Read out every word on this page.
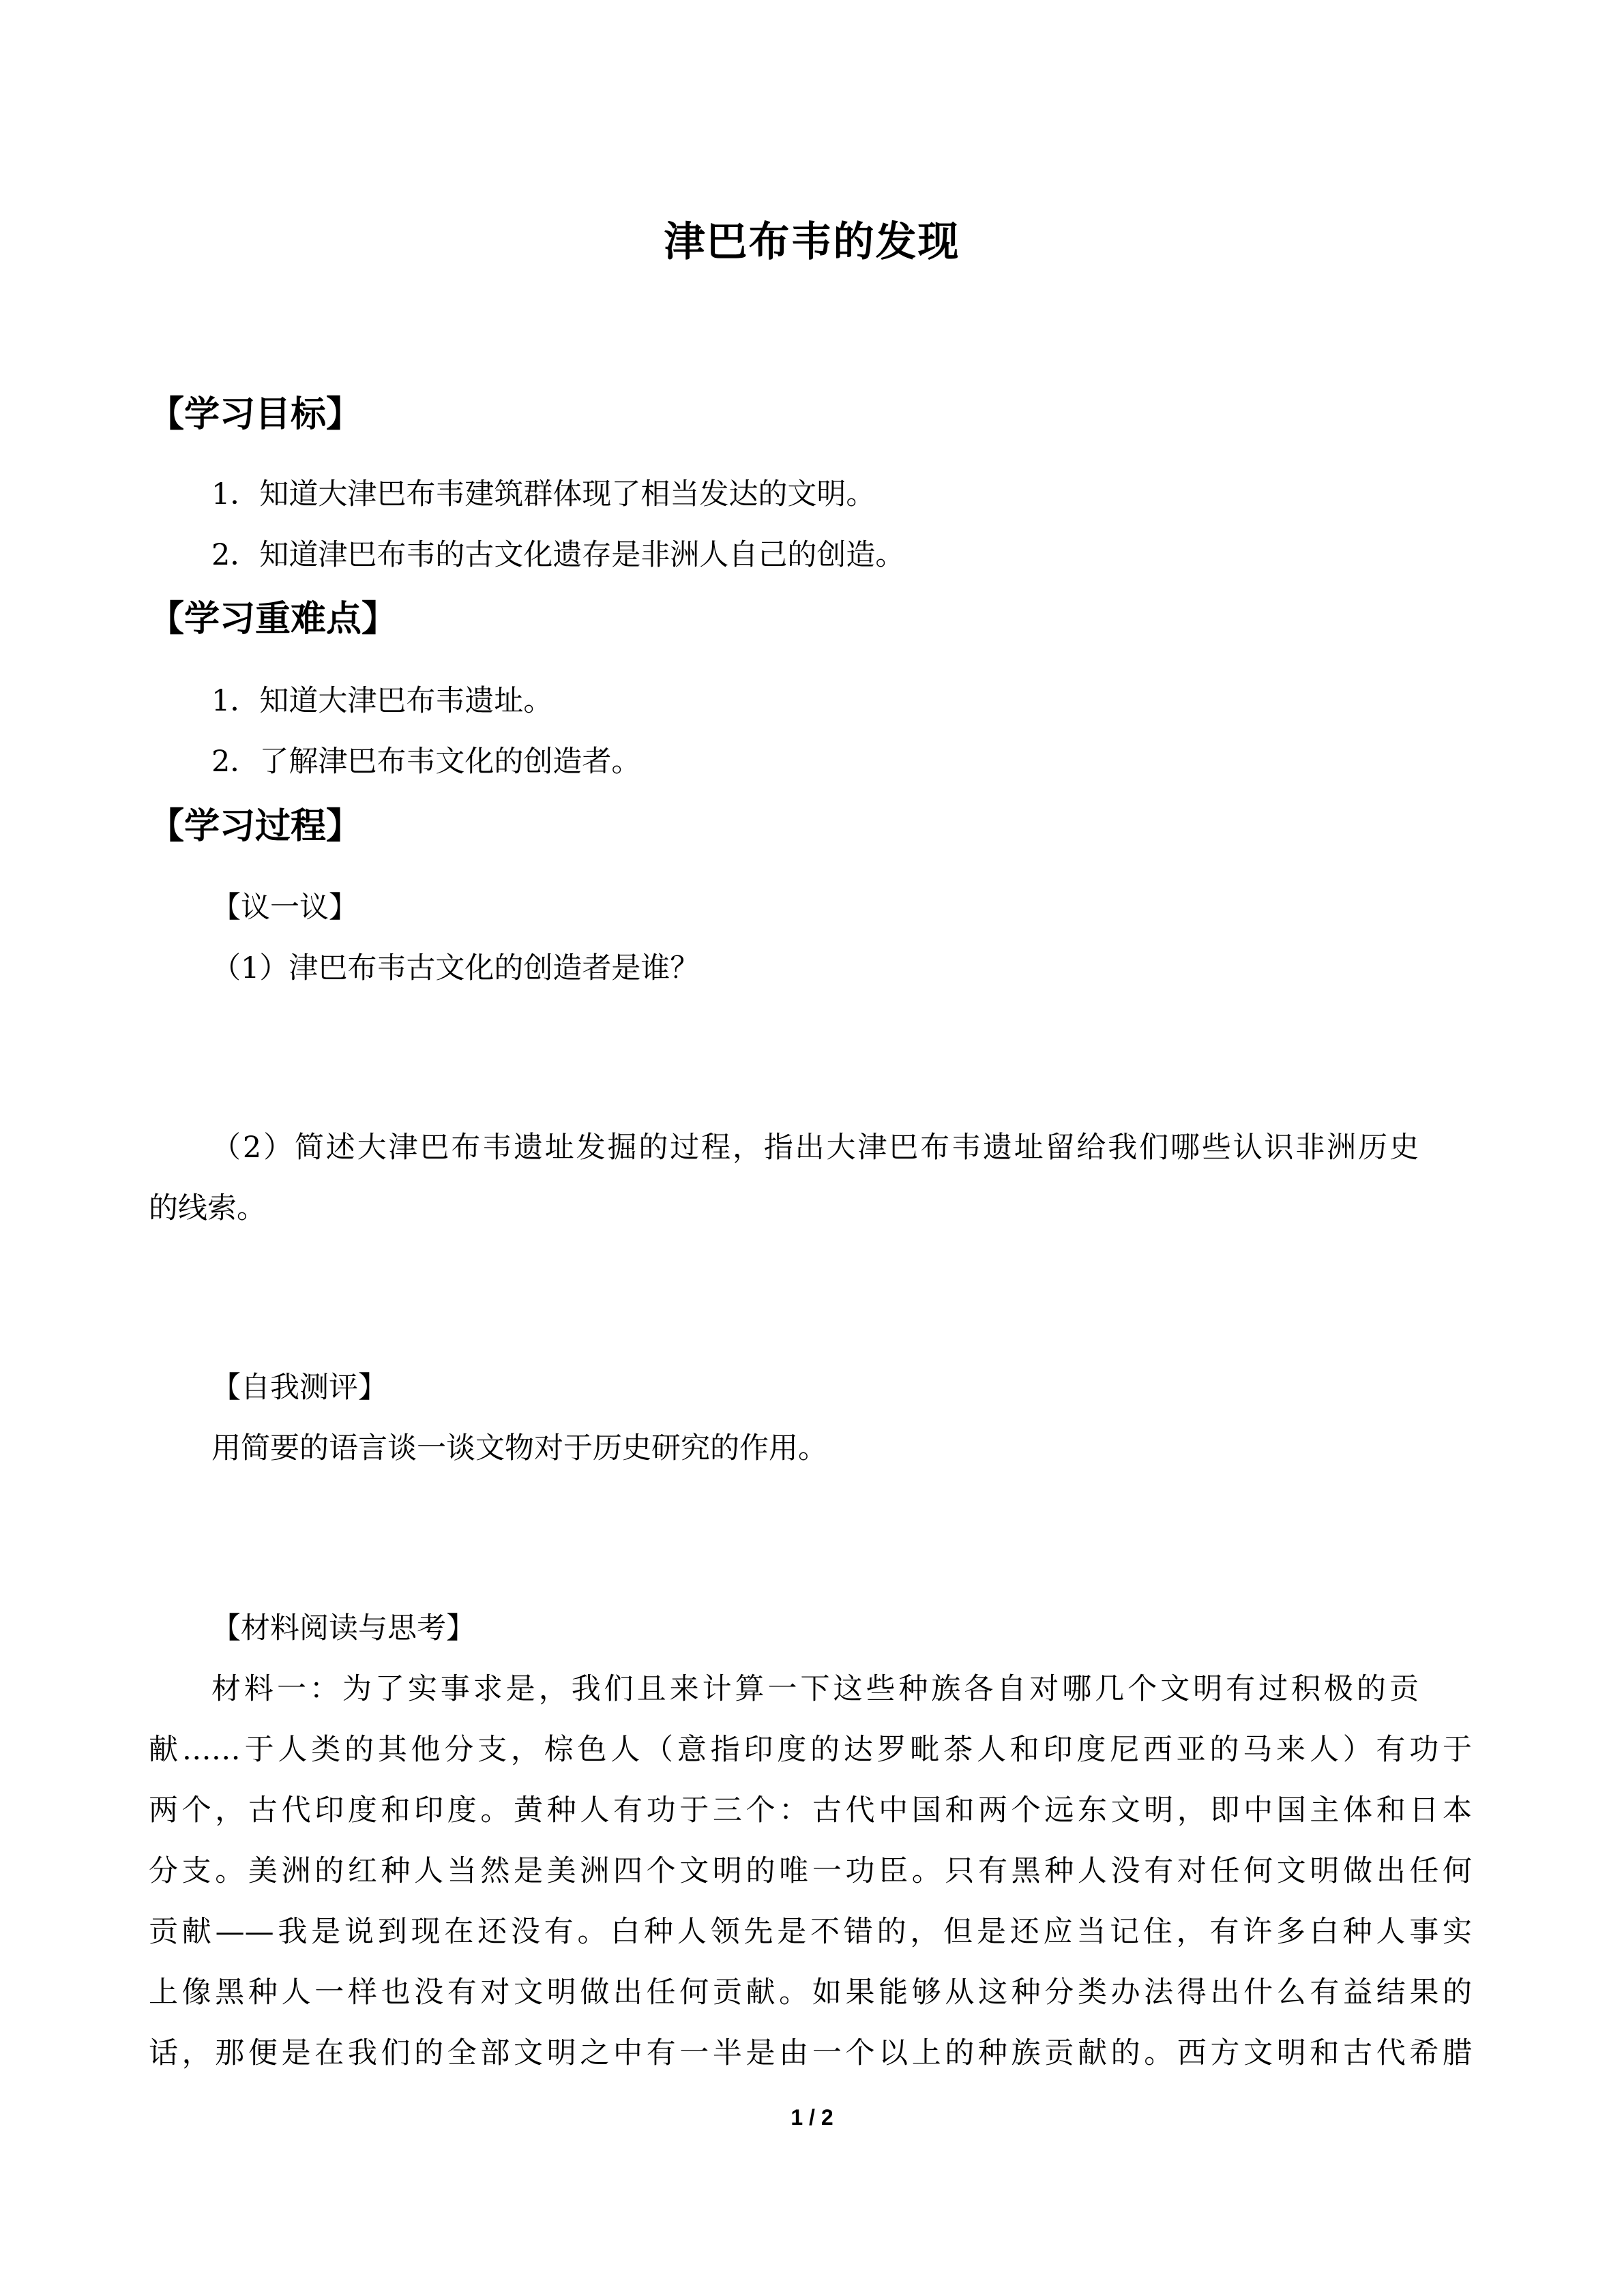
津巴布韦的发现
【学习目标】
1．知道大津巴布韦建筑群体现了相当发达的文明。
2．知道津巴布韦的古文化遗存是非洲人自己的创造。
【学习重难点】
1．知道大津巴布韦遗址。
2．了解津巴布韦文化的创造者。
【学习过程】
【议一议】
（1）津巴布韦古文化的创造者是谁？
（2）简述大津巴布韦遗址发掘的过程，指出大津巴布韦遗址留给我们哪些认识非洲历史
的线索。
【自我测评】
用简要的语言谈一谈文物对于历史研究的作用。
【材料阅读与思考】
材料一：为了实事求是，我们且来计算一下这些种族各自对哪几个文明有过积极的贡
献……于人类的其他分支，棕色人（意指印度的达罗毗茶人和印度尼西亚的马来人）有功于
两个，古代印度和印度。黄种人有功于三个：古代中国和两个远东文明，即中国主体和日本
分支。美洲的红种人当然是美洲四个文明的唯一功臣。只有黑种人没有对任何文明做出任何
贡献——我是说到现在还没有。白种人领先是不错的，但是还应当记住，有许多白种人事实
上像黑种人一样也没有对文明做出任何贡献。如果能够从这种分类办法得出什么有益结果的
话，那便是在我们的全部文明之中有一半是由一个以上的种族贡献的。西方文明和古代希腊
1 / 2
